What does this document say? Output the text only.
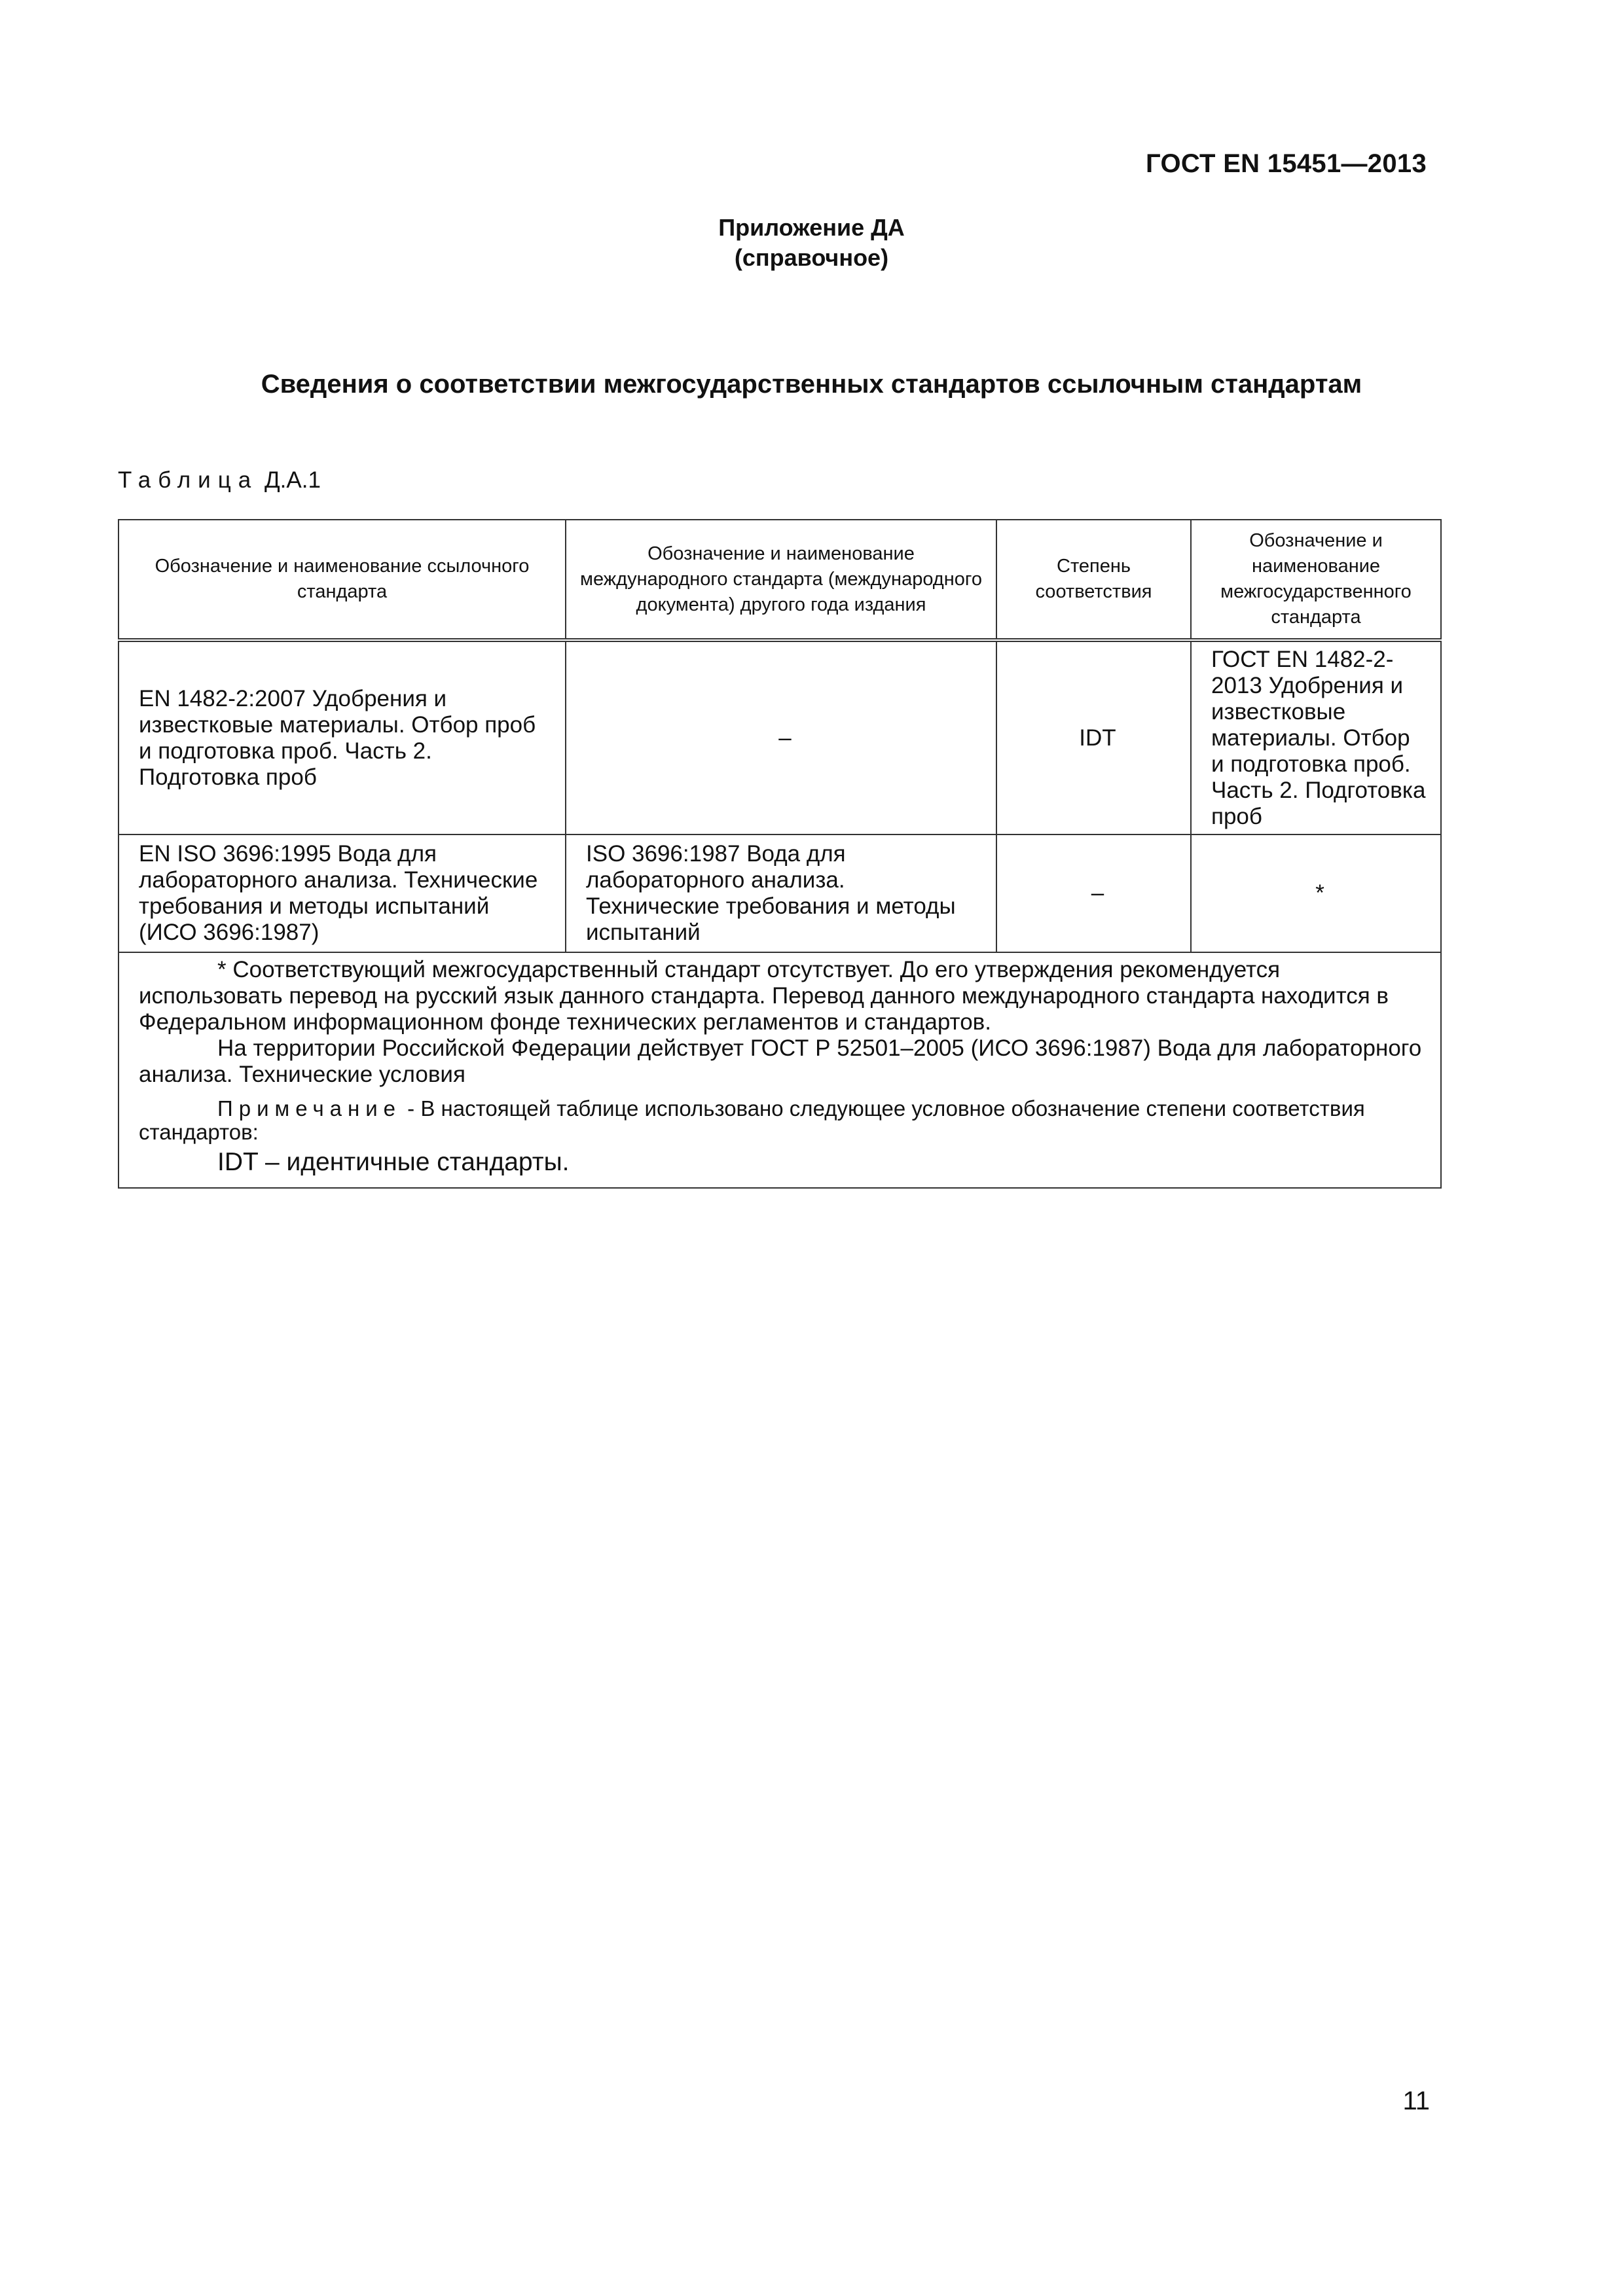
ГОСТ EN 15451—2013
Приложение ДА
(справочное)
Сведения о соответствии межгосударственных стандартов ссылочным стандартам
Таблица Д.А.1
Обозначение и наименование ссылочного стандарта	Обозначение и наименование международного стандарта (международного документа) другого года издания	Степень соответствия	Обозначение и наименование межгосударственного стандарта
EN 1482-2:2007 Удобрения и известковые материалы. Отбор проб и подготовка проб. Часть 2. Подготовка проб	–	IDT	ГОСТ EN 1482-2-2013 Удобрения и известковые материалы. Отбор и подготовка проб. Часть 2. Подготовка проб
EN ISO 3696:1995 Вода для лабораторного анализа. Технические требования и методы испытаний (ИСО 3696:1987)	ISO 3696:1987 Вода для лабораторного анализа. Технические требования и методы испытаний	–	*

* Соответствующий межгосударственный стандарт отсутствует. До его утверждения рекомендуется использовать перевод на русский язык данного стандарта. Перевод данного международного стандарта находится в Федеральном информационном фонде технических регламентов и стандартов.

На территории Российской Федерации действует ГОСТ Р 52501–2005 (ИСО 3696:1987) Вода для лабораторного анализа. Технические условия

Примечание - В настоящей таблице использовано следующее условное обозначение степени соответствия стандартов:

IDT – идентичные стандарты.			

11
